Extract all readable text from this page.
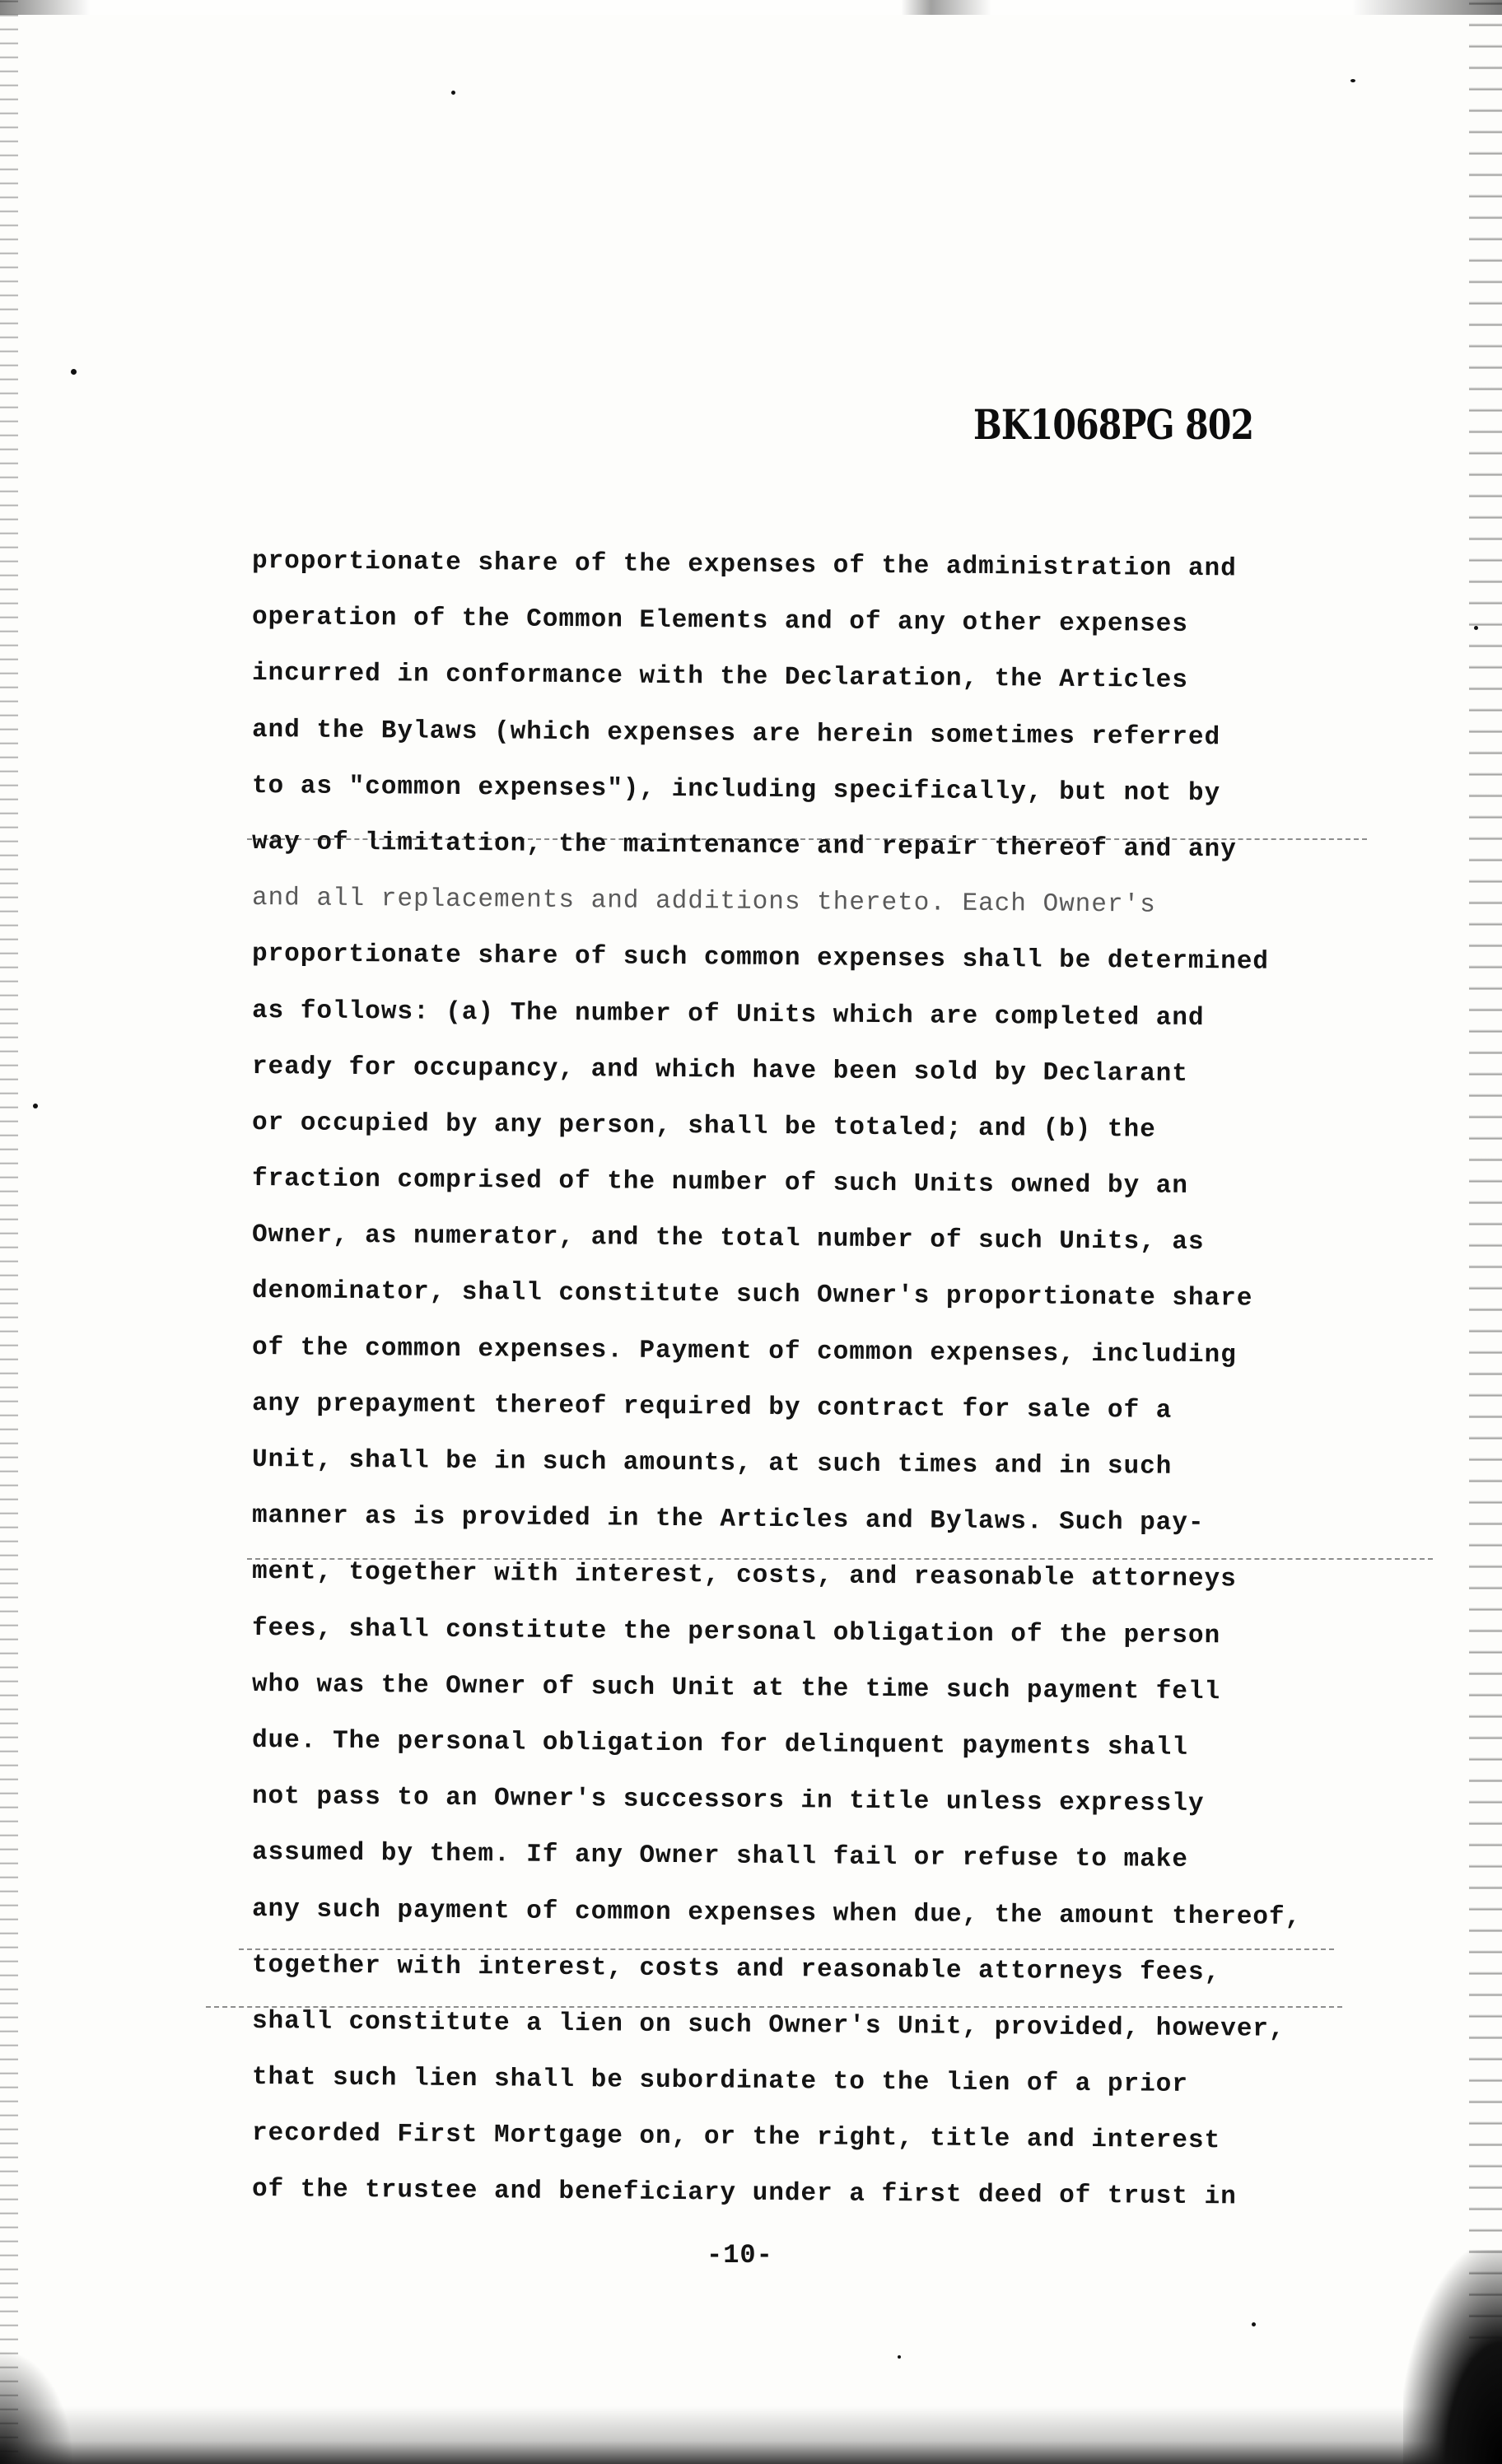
BK1068PG 802
proportionate share of the expenses of the administration and
operation of the Common Elements and of any other expenses
incurred in conformance with the Declaration, the Articles
and the Bylaws (which expenses are herein sometimes referred
to as "common expenses"), including specifically, but not by
way of limitation, the maintenance and repair thereof and any
and all replacements and additions thereto. Each Owner's
proportionate share of such common expenses shall be determined
as follows: (a) The number of Units which are completed and
ready for occupancy, and which have been sold by Declarant
or occupied by any person, shall be totaled; and (b) the
fraction comprised of the number of such Units owned by an
Owner, as numerator, and the total number of such Units, as
denominator, shall constitute such Owner's proportionate share
of the common expenses. Payment of common expenses, including
any prepayment thereof required by contract for sale of a
Unit, shall be in such amounts, at such times and in such
manner as is provided in the Articles and Bylaws. Such pay-
ment, together with interest, costs, and reasonable attorneys
fees, shall constitute the personal obligation of the person
who was the Owner of such Unit at the time such payment fell
due. The personal obligation for delinquent payments shall
not pass to an Owner's successors in title unless expressly
assumed by them. If any Owner shall fail or refuse to make
any such payment of common expenses when due, the amount thereof,
together with interest, costs and reasonable attorneys fees,
shall constitute a lien on such Owner's Unit, provided, however,
that such lien shall be subordinate to the lien of a prior
recorded First Mortgage on, or the right, title and interest
of the trustee and beneficiary under a first deed of trust in
-10-
